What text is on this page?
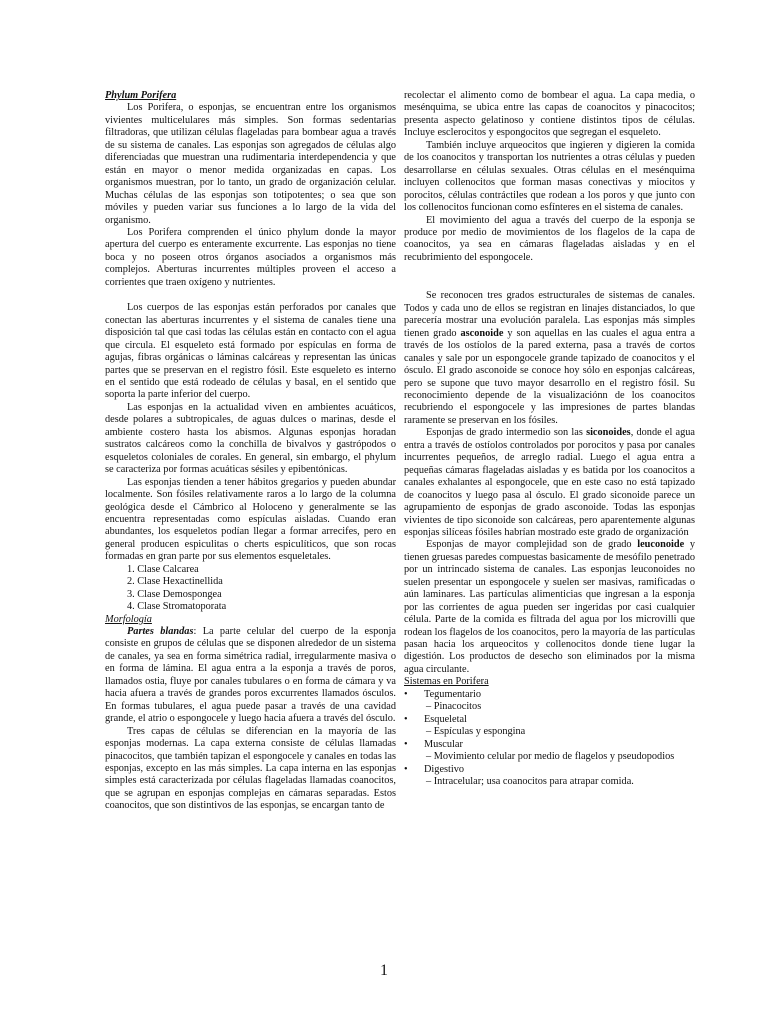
Phylum Porifera

Los Porifera, o esponjas, se encuentran entre los organismos vivientes multicelulares más simples. Son formas sedentarias filtradoras, que utilizan células flageladas para bombear agua a través de su sistema de canales. Las esponjas son agregados de células algo diferenciadas que muestran una rudimentaria interdependencia y que están en mayor o menor medida organizadas en capas. Los organismos muestran, por lo tanto, un grado de organización celular. Muchas células de las esponjas son totipotentes; o sea que son móviles y pueden variar sus funciones a lo largo de la vida del organismo.

Los Porifera comprenden el único phylum donde la mayor apertura del cuerpo es enteramente excurrente. Las esponjas no tiene boca y no poseen otros órganos asociados a organismos más complejos. Aberturas incurrentes múltiples proveen el acceso a corrientes que traen oxígeno y nutrientes.

Los cuerpos de las esponjas están perforados por canales que conectan las aberturas incurrentes y el sistema de canales tiene una disposición tal que casi todas las células están en contacto con el agua que circula. El esqueleto está formado por espículas en forma de agujas, fibras orgánicas o láminas calcáreas y representan las únicas partes que se preservan en el registro fósil. Este esqueleto es interno en el sentido que está rodeado de células y basal, en el sentido que soporta la parte inferior del cuerpo.

Las esponjas en la actualidad viven en ambientes acuáticos, desde polares a subtropicales, de aguas dulces o marinas, desde el ambiente costero hasta los abismos. Algunas esponjas horadan sustratos calcáreos como la conchilla de bivalvos y gastrópodos o esqueletos coloniales de corales. En general, sin embargo, el phylum se caracteriza por formas acuáticas sésiles y epibentónicas.

Las esponjas tienden a tener hábitos gregarios y pueden abundar localmente. Son fósiles relativamente raros a lo largo de la columna geológica desde el Cámbrico al Holoceno y generalmente se las encuentra representadas como espículas aisladas. Cuando eran abundantes, los esqueletos podían llegar a formar arrecifes, pero en general producen espiculitas o cherts espiculíticos, que son rocas formadas en gran parte por sus elementos esqueletales.

1. Clase Calcarea
2. Clase Hexactinellida
3. Clase Demospongea
4. Clase Stromatoporata

Morfología

Partes blandas: La parte celular del cuerpo de la esponja consiste en grupos de células que se disponen alrededor de un sistema de canales, ya sea en forma simétrica radial, irregularmente masiva o en forma de lámina. El agua entra a la esponja a través de poros, llamados ostia, fluye por canales tubulares o en forma de cámara y va hacia afuera a través de grandes poros excurrentes llamados ósculos. En formas tubulares, el agua puede pasar a través de una cavidad grande, el atrio o espongocele y luego hacia afuera a través del ósculo.

Tres capas de células se diferencian en la mayoría de las esponjas modernas. La capa externa consiste de células llamadas pinacocitos, que también tapizan el espongocele y canales en todas las esponjas, excepto en las más simples. La capa interna en las esponjas simples está caracterizada por células flageladas llamadas coanocitos, que se agrupan en esponjas complejas en cámaras separadas. Estos coanocitos, que son distintivos de las esponjas, se encargan tanto de

recolectar el alimento como de bombear el agua. La capa media, o mesénquima, se ubica entre las capas de coanocitos y pinacocitos; presenta aspecto gelatinoso y contiene distintos tipos de células. Incluye esclerocitos y espongocitos que segregan el esqueleto.

También incluye arqueocitos que ingieren y digieren la comida de los coanocitos y transportan los nutrientes a otras células y pueden desarrollarse en células sexuales. Otras células en el mesénquima incluyen collenocitos que forman masas conectivas y miocitos y porocitos, células contráctiles que rodean a los poros y que junto con los collenocitos funcionan como esfínteres en el sistema de canales.

El movimiento del agua a través del cuerpo de la esponja se produce por medio de movimientos de los flagelos de la capa de coanocitos, ya sea en cámaras flageladas aisladas y en el recubrimiento del espongocele.

Se reconocen tres grados estructurales de sistemas de canales. Todos y cada uno de ellos se registran en linajes distanciados, lo que parecería mostrar una evolución paralela. Las esponjas más simples tienen grado asconoide y son aquellas en las cuales el agua entra a través de los ostíolos de la pared externa, pasa a través de cortos canales y sale por un espongocele grande tapizado de coanocitos y el ósculo. El grado asconoide se conoce hoy sólo en esponjas calcáreas, pero se supone que tuvo mayor desarrollo en el registro fósil. Su reconocimiento depende de la visualizaciónn de los coanocitos recubriendo el espongocele y las impresiones de partes blandas raramente se preservan en los fósiles.

Esponjas de grado intermedio son las siconoides, donde el agua entra a través de ostíolos controlados por porocitos y pasa por canales incurrentes pequeños, de arreglo radial. Luego el agua entra a pequeñas cámaras flageladas aisladas y es batida por los coanocitos a canales exhalantes al espongocele, que en este caso no está tapizado de coanocitos y luego pasa al ósculo. El grado siconoide parece un agrupamiento de esponjas de grado asconoide. Todas las esponjas vivientes de tipo siconoide son calcáreas, pero aparentemente algunas esponjas silíceas fósiles habrían mostrado este grado de organización

Esponjas de mayor complejidad son de grado leuconoide y tienen gruesas paredes compuestas basicamente de mesófilo penetrado por un intrincado sistema de canales. Las esponjas leuconoides no suelen presentar un espongocele y suelen ser masivas, ramificadas o aún laminares. Las partículas alimenticias que ingresan a la esponja por las corrientes de agua pueden ser ingeridas por casi cualquier célula. Parte de la comida es filtrada del agua por los microvilli que rodean los flagelos de los coanocitos, pero la mayoría de las partículas pasan hacia los arqueocitos y collenocitos donde tiene lugar la digestión. Los productos de desecho son eliminados por la misma agua circulante.

Sistemas en Porifera
• Tegumentario
– Pinacocitos
• Esqueletal
– Espículas y espongina
• Muscular
– Movimiento celular por medio de flagelos y pseudopodios
• Digestivo
– Intracelular; usa coanocitos para atrapar comida.
1
